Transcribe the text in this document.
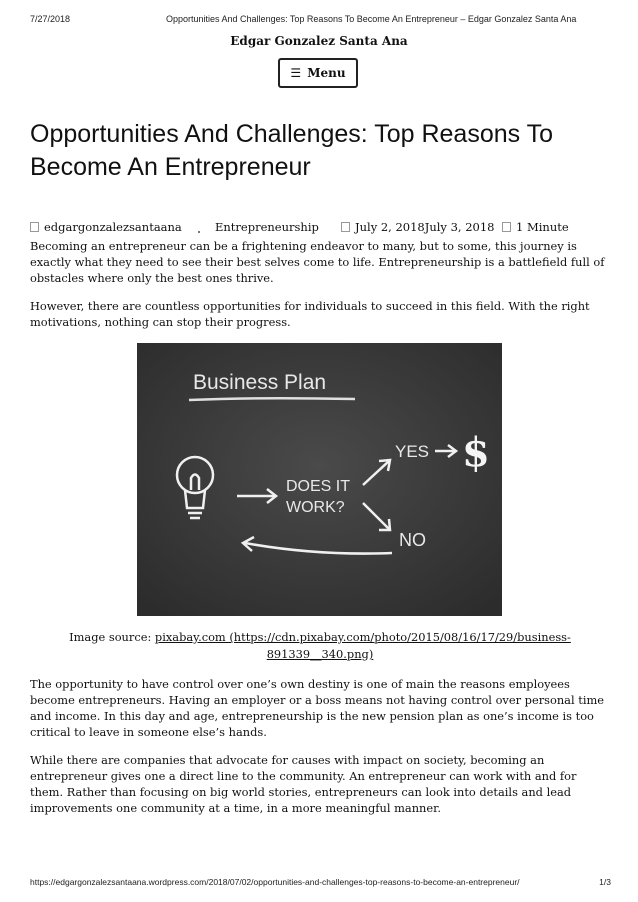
7/27/2018	Opportunities And Challenges: Top Reasons To Become An Entrepreneur – Edgar Gonzalez Santa Ana
Edgar Gonzalez Santa Ana
☰ Menu
Opportunities And Challenges: Top Reasons To Become An Entrepreneur
edgargonzalezsantaana	Entrepreneurship	July 2, 2018July 3, 2018 1 Minute

Becoming an entrepreneur can be a frightening endeavor to many, but to some, this journey is exactly what they need to see their best selves come to life. Entrepreneurship is a battlefield full of obstacles where only the best ones thrive.

However, there are countless opportunities for individuals to succeed in this field. With the right motivations, nothing can stop their progress.

Business Plan
DOES IT
WORK?
YES $
NO
Image source: pixabay.com (https://cdn.pixabay.com/photo/2015/08/16/17/29/business-891339__340.png)

The opportunity to have control over one’s own destiny is one of main the reasons employees become entrepreneurs. Having an employer or a boss means not having control over personal time and income. In this day and age, entrepreneurship is the new pension plan as one’s income is too critical to leave in someone else’s hands.

While there are companies that advocate for causes with impact on society, becoming an entrepreneur gives one a direct line to the community. An entrepreneur can work with and for them. Rather than focusing on big world stories, entrepreneurs can look into details and lead improvements one community at a time, in a more meaningful manner.

https://edgargonzalezsantaana.wordpress.com/2018/07/02/opportunities-and-challenges-top-reasons-to-become-an-entrepreneur/	1/3
